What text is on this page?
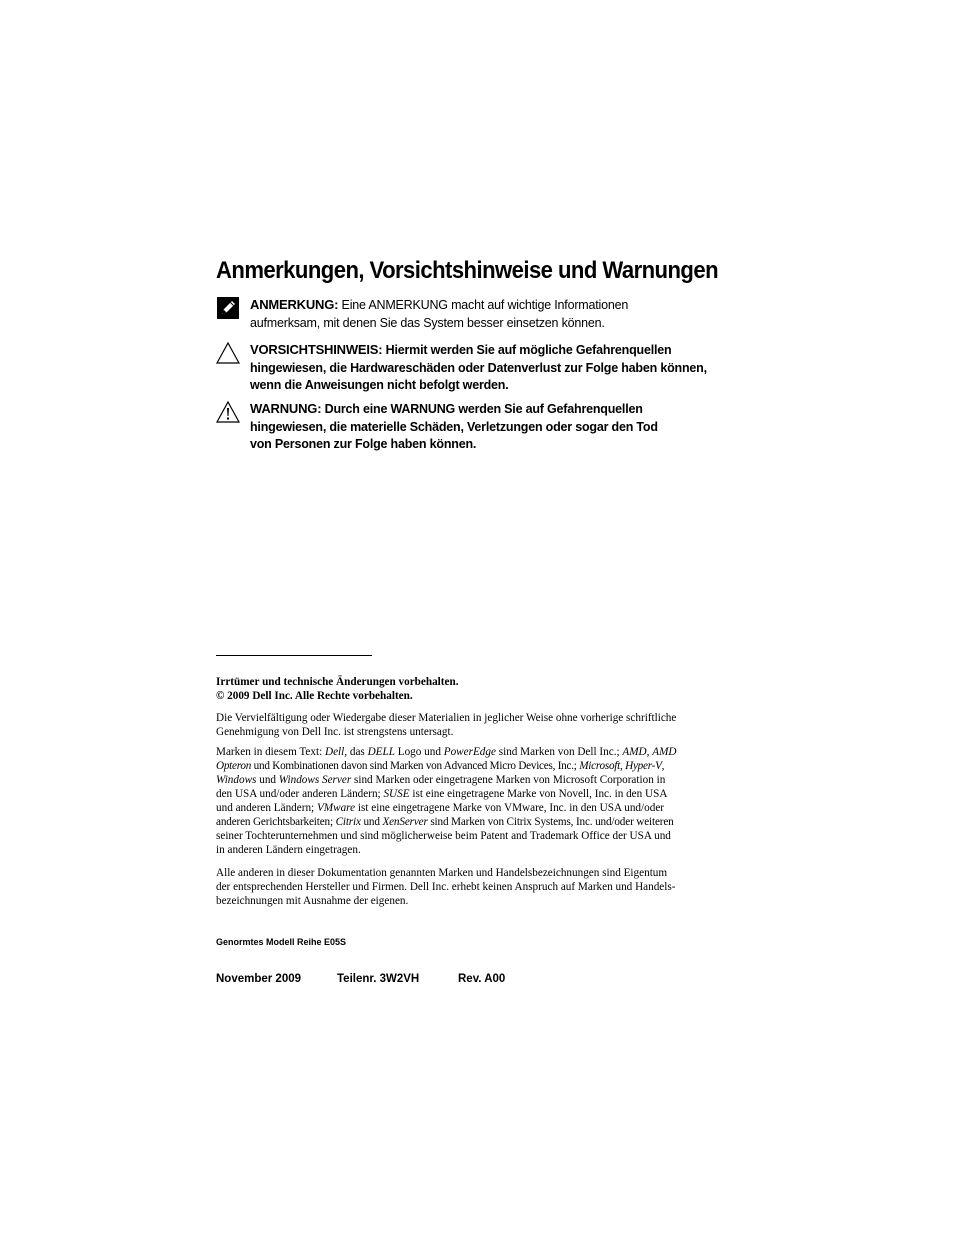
Anmerkungen, Vorsichtshinweise und Warnungen
ANMERKUNG: Eine ANMERKUNG macht auf wichtige Informationen
aufmerksam, mit denen Sie das System besser einsetzen können.
VORSICHTSHINWEIS: Hiermit werden Sie auf mögliche Gefahrenquellen
hingewiesen, die Hardwareschäden oder Datenverlust zur Folge haben können,
wenn die Anweisungen nicht befolgt werden.
WARNUNG: Durch eine WARNUNG werden Sie auf Gefahrenquellen
hingewiesen, die materielle Schäden, Verletzungen oder sogar den Tod
von Personen zur Folge haben können.
Irrtümer und technische Änderungen vorbehalten.
© 2009 Dell Inc. Alle Rechte vorbehalten.
Die Vervielfältigung oder Wiedergabe dieser Materialien in jeglicher Weise ohne vorherige schriftliche
Genehmigung von Dell Inc. ist strengstens untersagt.
Marken in diesem Text: Dell, das DELL Logo und PowerEdge sind Marken von Dell Inc.; AMD, AMD
Opteron und Kombinationen davon sind Marken von Advanced Micro Devices, Inc.; Microsoft, Hyper-V,
Windows und Windows Server sind Marken oder eingetragene Marken von Microsoft Corporation in
den USA und/oder anderen Ländern; SUSE ist eine eingetragene Marke von Novell, Inc. in den USA
und anderen Ländern; VMware ist eine eingetragene Marke von VMware, Inc. in den USA und/oder
anderen Gerichtsbarkeiten; Citrix und XenServer sind Marken von Citrix Systems, Inc. und/oder weiteren
seiner Tochterunternehmen und sind möglicherweise beim Patent and Trademark Office der USA und
in anderen Ländern eingetragen.
Alle anderen in dieser Dokumentation genannten Marken und Handelsbezeichnungen sind Eigentum
der entsprechenden Hersteller und Firmen. Dell Inc. erhebt keinen Anspruch auf Marken und Handels-
bezeichnungen mit Ausnahme der eigenen.
Genormtes Modell Reihe E05S
November 2009	Teilenr. 3W2VH	Rev. A00
